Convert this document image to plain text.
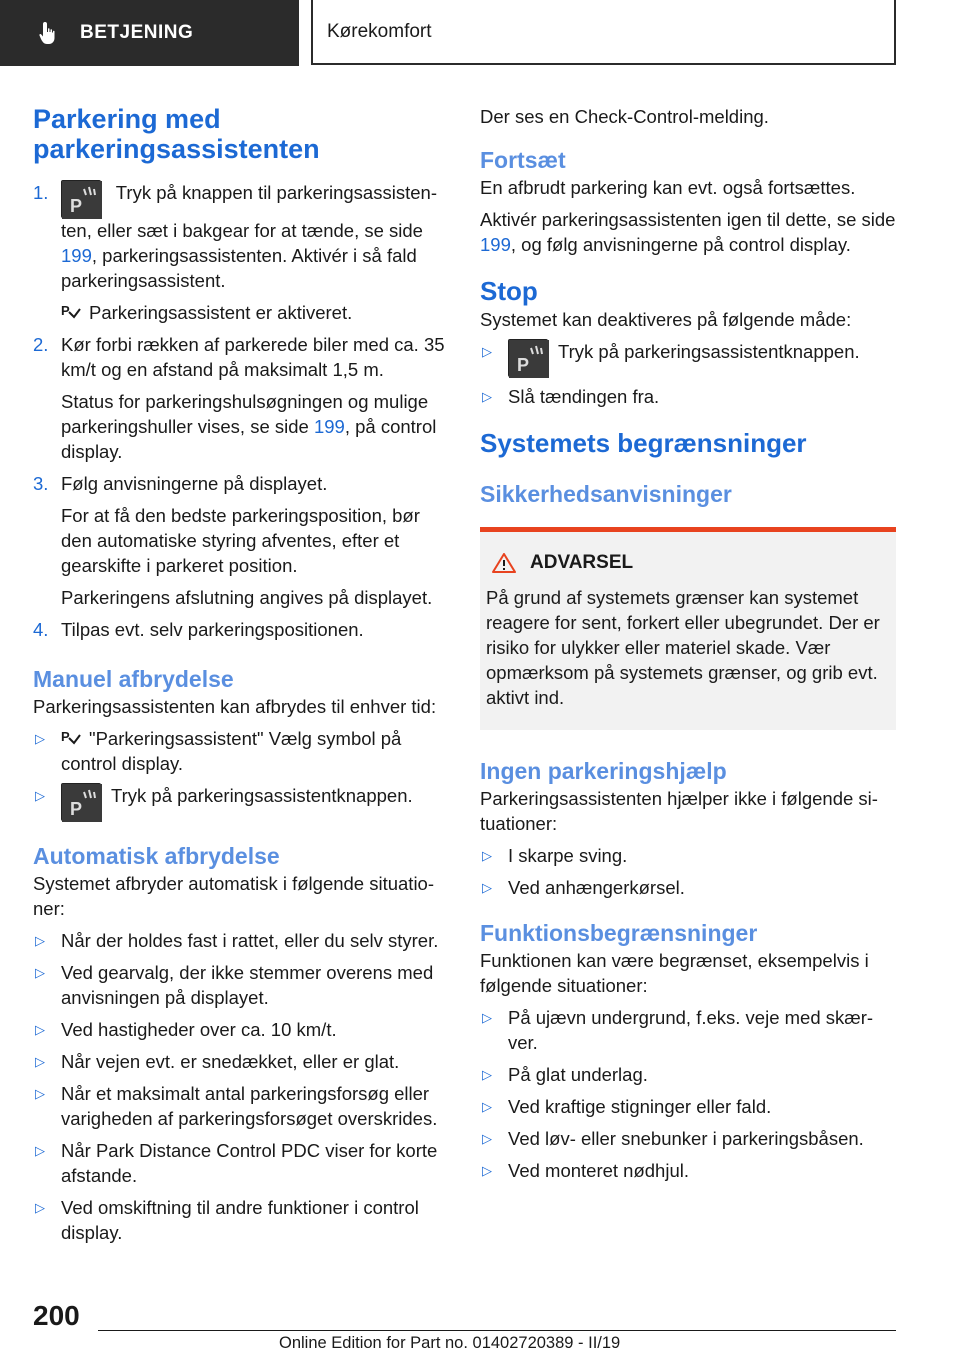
BETJENING	Kørekomfort
Parkering med parkeringsassistenten
1.
P
Tryk på knappen til parkeringsassistenten, eller sæt i bakgear for at tænde, se side 199, parkeringsassistenten. Aktivér i så fald parkeringsassistent.
P Parkeringsassistent er aktiveret.
2. Kør forbi rækken af parkerede biler med ca. 35 km/t og en afstand på maksimalt 1,5 m.
Status for parkeringshulsøgningen og mulige parkeringshuller vises, se side 199, på control display.
3. Følg anvisningerne på displayet.
For at få den bedste parkeringsposition, bør den automatiske styring afventes, efter et gearskifte i parkeret position.
Parkeringens afslutning angives på displayet.
4. Tilpas evt. selv parkeringspositionen.
Manuel afbrydelse

Parkeringsassistenten kan afbrydes til enhver tid:

▷ P "Parkeringsassistent" Vælg symbol på control display.
▷
P
Tryk på parkeringsassistentknappen.
Automatisk afbrydelse

Systemet afbryder automatisk i følgende situationer:

▷ Når der holdes fast i rattet, eller du selv styrer.
▷ Ved gearvalg, der ikke stemmer overens med anvisningen på displayet.
▷ Ved hastigheder over ca. 10 km/t.
▷ Når vejen evt. er snedækket, eller er glat.
▷ Når et maksimalt antal parkeringsforsøg eller varigheden af parkeringsforsøget overskrides.
▷ Når Park Distance Control PDC viser for korte afstande.
▷ Ved omskiftning til andre funktioner i control display.

Der ses en Check-Control-melding.

Fortsæt

En afbrudt parkering kan evt. også fortsættes.

Aktivér parkeringsassistenten igen til dette, se side 199, og følg anvisningerne på control display.

Stop

Systemet kan deaktiveres på følgende måde:

▷
P
Tryk på parkeringsassistentknappen.
▷ Slå tændingen fra.
Systemets begrænsninger
Sikkerhedsanvisninger
ADVARSEL
På grund af systemets grænser kan systemet reagere for sent, forkert eller ubegrundet. Der er risiko for ulykker eller materiel skade. Vær opmærksom på systemets grænser, og grib evt. aktivt ind.
Ingen parkeringshjælp

Parkeringsassistenten hjælper ikke i følgende situationer:

▷ I skarpe sving.
▷ Ved anhængerkørsel.
Funktionsbegrænsninger

Funktionen kan være begrænset, eksempelvis i følgende situationer:

▷ På ujævn undergrund, f.eks. veje med skærver.
▷ På glat underlag.
▷ Ved kraftige stigninger eller fald.
▷ Ved løv- eller snebunker i parkeringsbåsen.
▷ Ved monteret nødhjul.
200
Online Edition for Part no. 01402720389 - II/19
